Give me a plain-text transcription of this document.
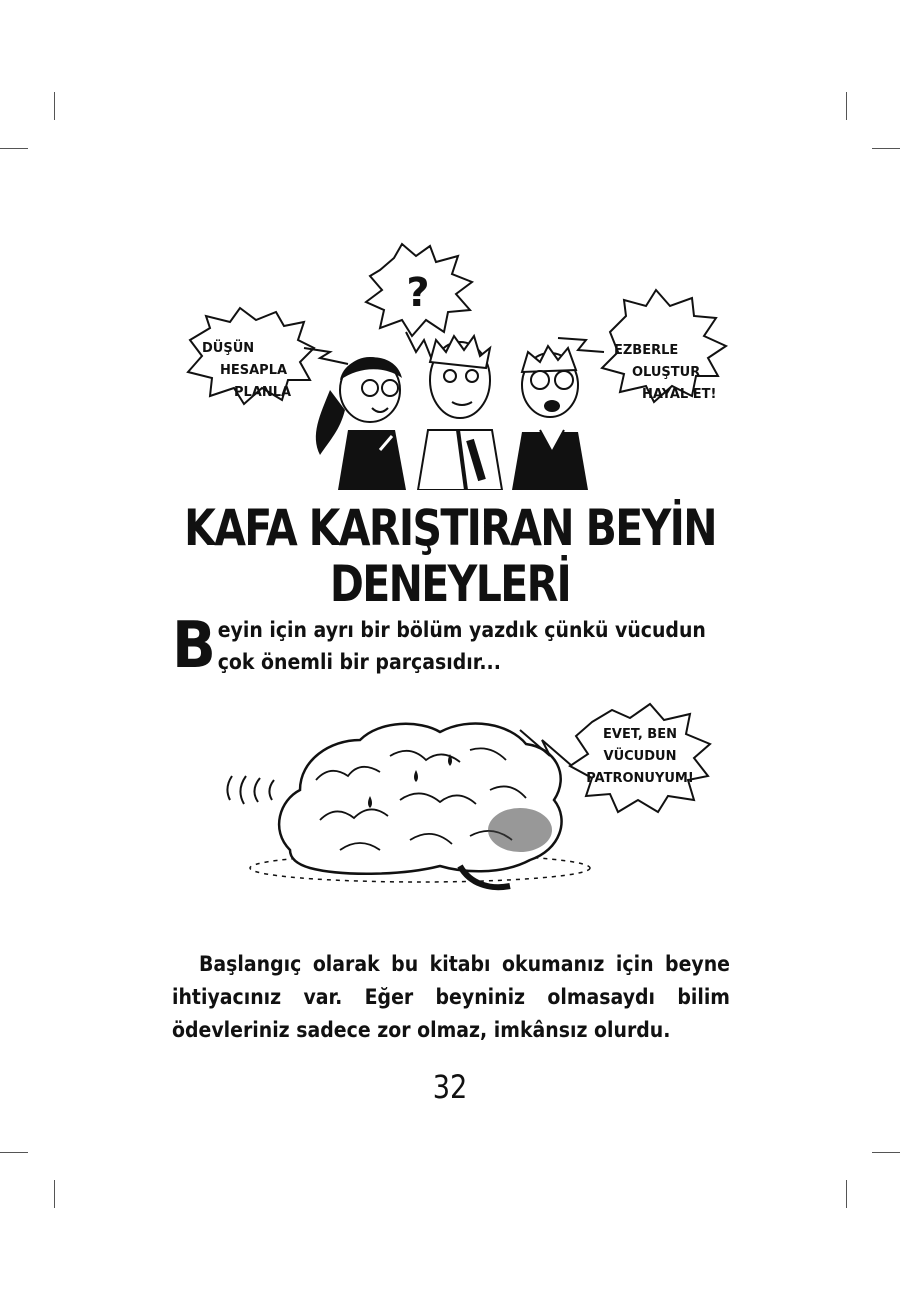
DÜŞÜN
HESAPLA
PLANLA
?
EZBERLE
OLUŞTUR
HAYAL ET!
KAFA KARIŞTIRAN BEYİN
DENEYLERİ
B eyin için ayrı bir bölüm yazdık çünkü vücudun çok önemli bir parçasıdır...
EVET, BEN
VÜCUDUN
PATRONUYUM!

Başlangıç olarak bu kitabı okumanız için beyne ihtiyacınız var. Eğer beyniniz olmasaydı bilim ödevleriniz sadece zor olmaz, imkânsız olurdu.

32
